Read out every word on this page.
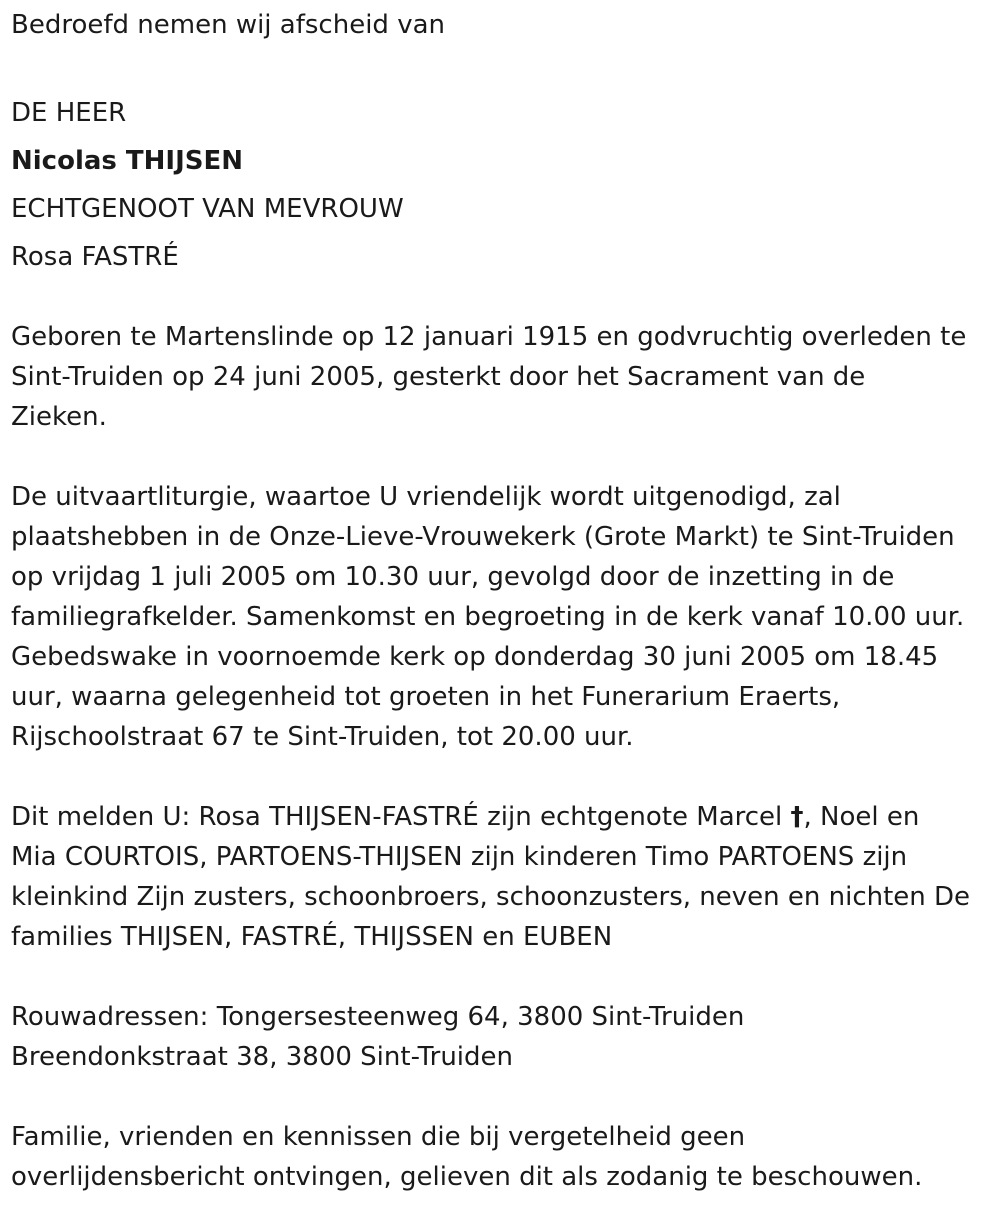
Bedroefd nemen wij afscheid van
DE HEER
Nicolas THIJSEN
ECHTGENOOT VAN MEVROUW
Rosa FASTRÉ
Geboren te Martenslinde op 12 januari 1915 en godvruchtig overleden te
Sint-Truiden op 24 juni 2005, gesterkt door het Sacrament van de
Zieken.
De uitvaartliturgie, waartoe U vriendelijk wordt uitgenodigd, zal
plaatshebben in de Onze-Lieve-Vrouwekerk (Grote Markt) te Sint-Truiden
op vrijdag 1 juli 2005 om 10.30 uur, gevolgd door de inzetting in de
familiegrafkelder. Samenkomst en begroeting in de kerk vanaf 10.00 uur.
Gebedswake in voornoemde kerk op donderdag 30 juni 2005 om 18.45
uur, waarna gelegenheid tot groeten in het Funerarium Eraerts,
Rijschoolstraat 67 te Sint-Truiden, tot 20.00 uur.
Dit melden U: Rosa THIJSEN-FASTRÉ zijn echtgenote Marcel †, Noel en
Mia COURTOIS, PARTOENS-THIJSEN zijn kinderen Timo PARTOENS zijn
kleinkind Zijn zusters, schoonbroers, schoonzusters, neven en nichten De
families THIJSEN, FASTRÉ, THIJSSEN en EUBEN
Rouwadressen: Tongersesteenweg 64, 3800 Sint-Truiden
Breendonkstraat 38, 3800 Sint-Truiden
Familie, vrienden en kennissen die bij vergetelheid geen
overlijdensbericht ontvingen, gelieven dit als zodanig te beschouwen.
